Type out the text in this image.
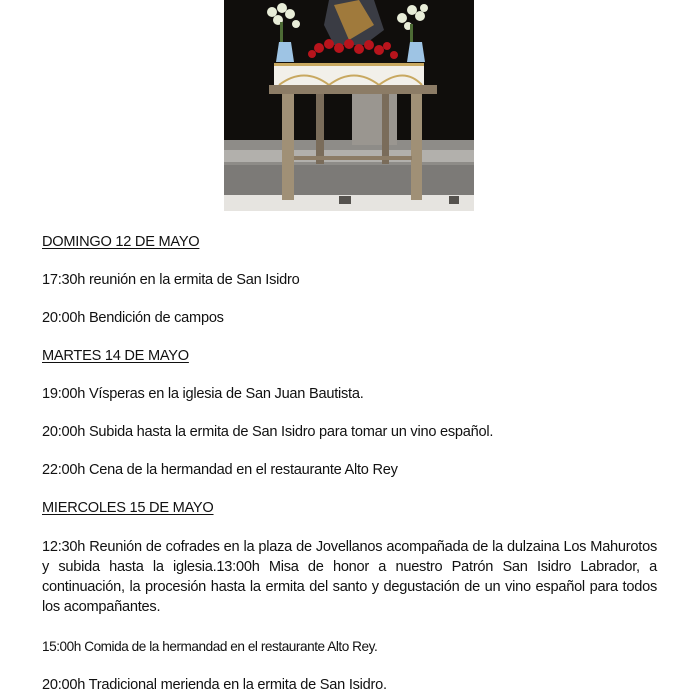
DOMINGO 12 DE MAYO
17:30h reunión en la ermita de San Isidro
20:00h Bendición de campos
MARTES 14 DE MAYO
19:00h Vísperas en la iglesia de San Juan Bautista.
20:00h Subida hasta la ermita de San Isidro para tomar un vino español.
22:00h Cena de la hermandad en el restaurante Alto Rey
MIERCOLES 15 DE MAYO
12:30h Reunión de cofrades en la plaza de Jovellanos acompañada de la dulzaina Los Mahurotos y subida hasta la iglesia.13:00h Misa de honor a nuestro Patrón San Isidro Labrador, a continuación, la procesión hasta la ermita del santo y degustación de un vino español para todos los acompañantes.
15:00h Comida de la hermandad en el restaurante Alto Rey.
20:00h Tradicional merienda en la ermita de San Isidro.
